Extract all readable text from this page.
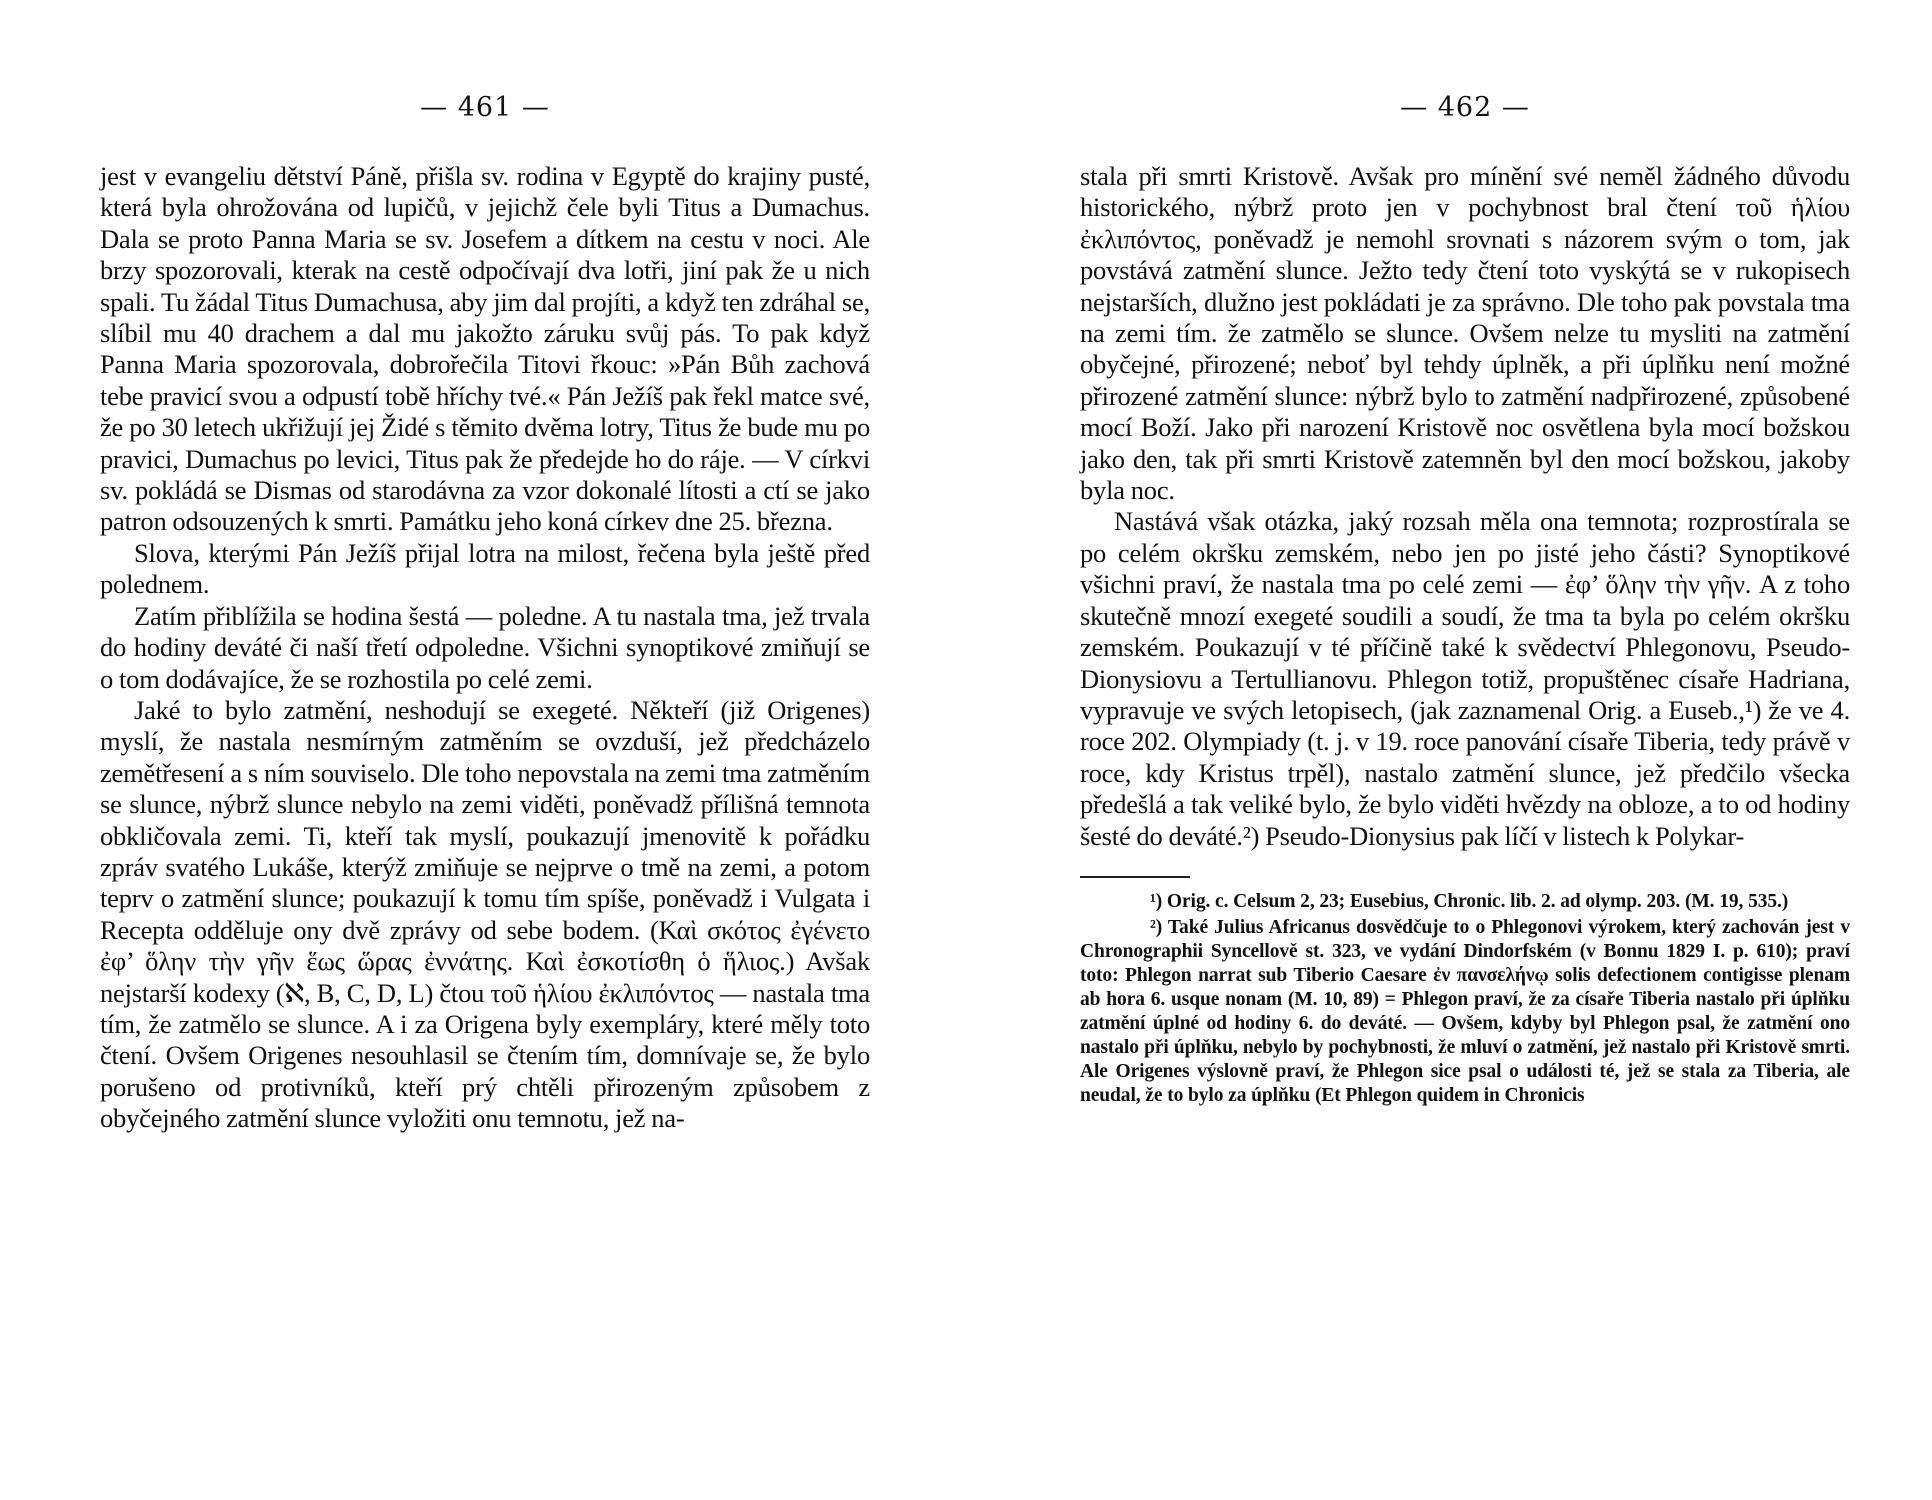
— 461 —

jest v evangeliu dětství Páně, přišla sv. rodina v Egyptě do krajiny pusté, která byla ohrožována od lupičů, v jejichž čele byli Titus a Dumachus. Dala se proto Panna Maria se sv. Josefem a dítkem na cestu v noci. Ale brzy spozorovali, kterak na cestě odpočívají dva lotři, jiní pak že u nich spali. Tu žádal Titus Dumachusa, aby jim dal projíti, a když ten zdráhal se, slíbil mu 40 drachem a dal mu jakožto záruku svůj pás. To pak když Panna Maria spozorovala, dobrořečila Titovi řkouc: »Pán Bůh zachová tebe pravicí svou a odpustí tobě hříchy tvé.« Pán Ježíš pak řekl matce své, že po 30 letech ukřižují jej Židé s těmito dvěma lotry, Titus že bude mu po pravici, Dumachus po levici, Titus pak že předejde ho do ráje. — V církvi sv. pokládá se Dismas od starodávna za vzor dokonalé lítosti a ctí se jako patron odsouzených k smrti. Památku jeho koná církev dne 25. března.

Slova, kterými Pán Ježíš přijal lotra na milost, řečena byla ještě před polednem.

Zatím přiblížila se hodina šestá — poledne. A tu nastala tma, jež trvala do hodiny deváté či naší třetí odpoledne. Všichni synoptikové zmiňují se o tom dodávajíce, že se rozhostila po celé zemi.

Jaké to bylo zatmění, neshodují se exegeté. Někteří (již Origenes) myslí, že nastala nesmírným zatměním se ovzduší, jež předcházelo zemětřesení a s ním souviselo. Dle toho nepovstala na zemi tma zatměním se slunce, nýbrž slunce nebylo na zemi viděti, poněvadž přílišná temnota obkličovala zemi. Ti, kteří tak myslí, poukazují jmenovitě k pořádku zpráv svatého Lukáše, kterýž zmiňuje se nejprve o tmě na zemi, a potom teprv o zatmění slunce; poukazují k tomu tím spíše, poněvadž i Vulgata i Recepta odděluje ony dvě zprávy od sebe bodem. (Καὶ σκότος ἐγένετο ἐφ’ ὅλην τὴν γῆν ἕως ὥρας ἐννάτης. Καὶ ἐσκοτίσθη ὁ ἥλιος.) Avšak nejstarší kodexy (ℵ, B, C, D, L) čtou τοῦ ἡλίου ἐκλιπόντος — nastala tma tím, že zatmělo se slunce. A i za Origena byly exempláry, které měly toto čtení. Ovšem Origenes nesouhlasil se čtením tím, domnívaje se, že bylo porušeno od protivníků, kteří prý chtěli přirozeným způsobem z obyčejného zatmění slunce vyložiti onu temnotu, jež na-

— 462 —

stala při smrti Kristově. Avšak pro mínění své neměl žádného důvodu historického, nýbrž proto jen v pochybnost bral čtení τοῦ ἡλίου ἐκλιπόντος, poněvadž je nemohl srovnati s názorem svým o tom, jak povstává zatmění slunce. Ježto tedy čtení toto vyskýtá se v rukopisech nejstarších, dlužno jest pokládati je za správno. Dle toho pak povstala tma na zemi tím. že zatmělo se slunce. Ovšem nelze tu mysliti na zatmění obyčejné, přirozené; neboť byl tehdy úplněk, a při úplňku není možné přirozené zatmění slunce: nýbrž bylo to zatmění nadpřirozené, způsobené mocí Boží. Jako při narození Kristově noc osvětlena byla mocí božskou jako den, tak při smrti Kristově zatemněn byl den mocí božskou, jakoby byla noc.

Nastává však otázka, jaký rozsah měla ona temnota; rozprostírala se po celém okršku zemském, nebo jen po jisté jeho části? Synoptikové všichni praví, že nastala tma po celé zemi — ἐφ’ ὅλην τὴν γῆν. A z toho skutečně mnozí exegeté soudili a soudí, že tma ta byla po celém okršku zemském. Poukazují v té příčině také k svědectví Phlegonovu, Pseudo-Dionysiovu a Tertullianovu. Phlegon totiž, propuštěnec císaře Hadriana, vypravuje ve svých letopisech, (jak zaznamenal Orig. a Euseb.,¹) že ve 4. roce 202. Olympiady (t. j. v 19. roce panování císaře Tiberia, tedy právě v roce, kdy Kristus trpěl), nastalo zatmění slunce, jež předčilo všecka předešlá a tak veliké bylo, že bylo viděti hvězdy na obloze, a to od hodiny šesté do deváté.²) Pseudo-Dionysius pak líčí v listech k Polykar-

¹) Orig. c. Celsum 2, 23; Eusebius, Chronic. lib. 2. ad olymp. 203. (M. 19, 535.)

²) Také Julius Africanus dosvědčuje to o Phlegonovi výrokem, který zachován jest v Chronographii Syncellově st. 323, ve vydání Dindorfském (v Bonnu 1829 I. p. 610); praví toto: Phlegon narrat sub Tiberio Caesare ἐν πανσελήνῳ solis defectionem contigisse plenam ab hora 6. usque nonam (M. 10, 89) = Phlegon praví, že za císaře Tiberia nastalo při úplňku zatmění úplné od hodiny 6. do deváté. — Ovšem, kdyby byl Phlegon psal, že zatmění ono nastalo při úplňku, nebylo by pochybnosti, že mluví o zatmění, jež nastalo při Kristově smrti. Ale Origenes výslovně praví, že Phlegon sice psal o události té, jež se stala za Tiberia, ale neudal, že to bylo za úplňku (Et Phlegon quidem in Chronicis
